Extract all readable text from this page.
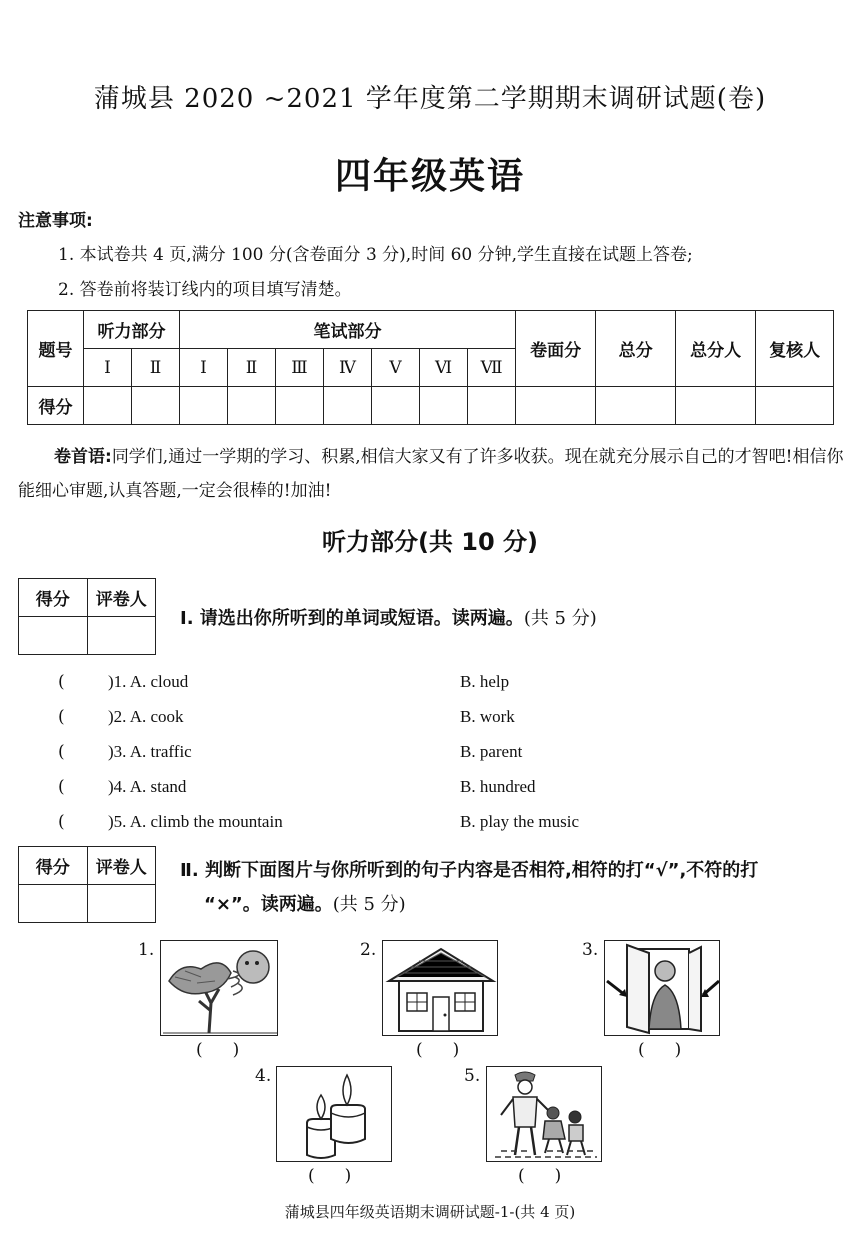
蒲城县 2020 ~2021 学年度第二学期期末调研试题(卷)
四年级英语
注意事项:
1. 本试卷共 4 页,满分 100 分(含卷面分 3 分),时间 60 分钟,学生直接在试题上答卷;
2. 答卷前将装订线内的项目填写清楚。
题号	听力部分		笔试部分							卷面分	总分	总分人	复核人
	Ⅰ	Ⅱ	Ⅰ	Ⅱ	Ⅲ	Ⅳ	Ⅴ	Ⅵ	Ⅶ				
得分													
卷首语:同学们,通过一学期的学习、积累,相信大家又有了许多收获。现在就充分展示自己的才智吧!相信你能细心审题,认真答题,一定会很棒的!加油!
听力部分(共 10 分)
得分	评卷人

Ⅰ. 请选出你所听到的单词或短语。读两遍。(共 5 分)
(	)1. A. cloud	B. help
(	)2. A. cook	B. work
(	)3. A. traffic	B. parent
(	)4. A. stand	B. hundred
(	)5. A. climb the mountain	B. play the music
得分	评卷人
	Ⅱ. 判断下面图片与你所听到的句子内容是否相符,相符的打“√”,不符的打
“×”。读两遍。(共 5 分)
1.
()
2.
()
3.
()
4.
()
5.
()
蒲城县四年级英语期末调研试题-1-(共 4 页)
